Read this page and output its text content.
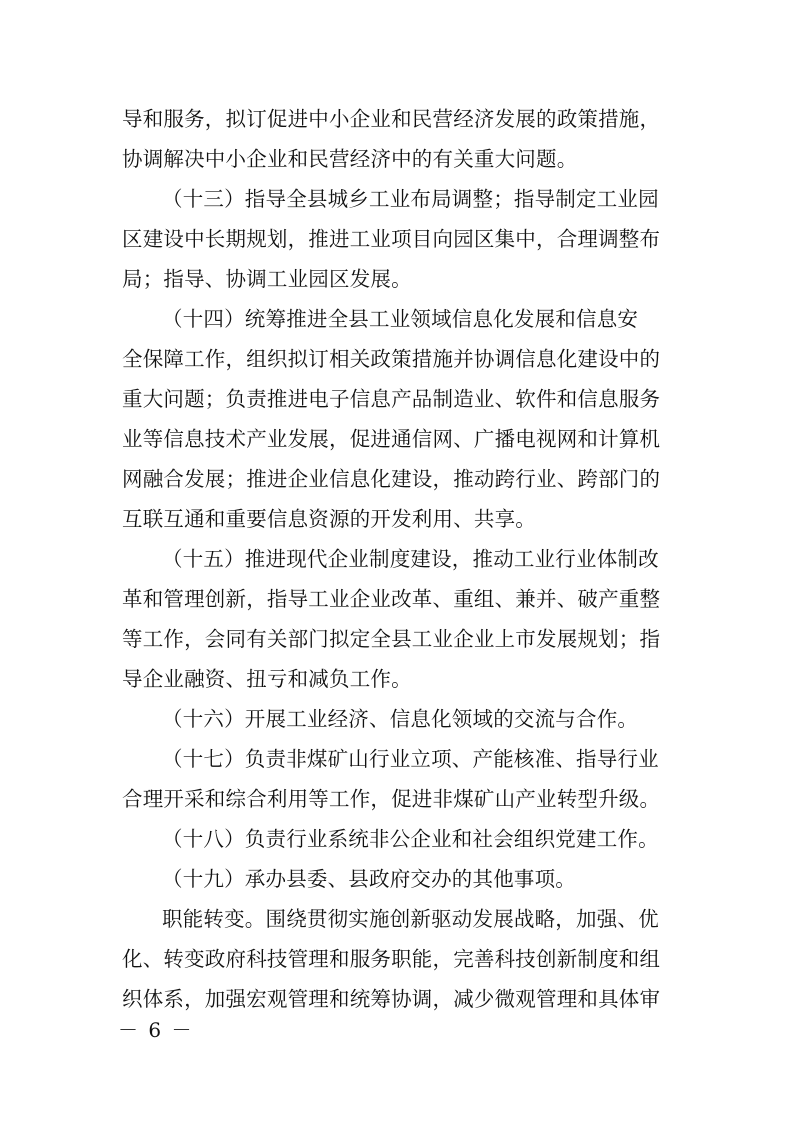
导和服务，拟订促进中小企业和民营经济发展的政策措施，
协调解决中小企业和民营经济中的有关重大问题。
（十三）指导全县城乡工业布局调整；指导制定工业园
区建设中长期规划，推进工业项目向园区集中，合理调整布
局；指导、协调工业园区发展。
（十四）统筹推进全县工业领域信息化发展和信息安
全保障工作，组织拟订相关政策措施并协调信息化建设中的
重大问题；负责推进电子信息产品制造业、软件和信息服务
业等信息技术产业发展，促进通信网、广播电视网和计算机
网融合发展；推进企业信息化建设，推动跨行业、跨部门的
互联互通和重要信息资源的开发利用、共享。
（十五）推进现代企业制度建设，推动工业行业体制改
革和管理创新，指导工业企业改革、重组、兼并、破产重整
等工作，会同有关部门拟定全县工业企业上市发展规划；指
导企业融资、扭亏和减负工作。
（十六）开展工业经济、信息化领域的交流与合作。
（十七）负责非煤矿山行业立项、产能核准、指导行业
合理开采和综合利用等工作，促进非煤矿山产业转型升级。
（十八）负责行业系统非公企业和社会组织党建工作。
（十九）承办县委、县政府交办的其他事项。
职能转变。围绕贯彻实施创新驱动发展战略，加强、优
化、转变政府科技管理和服务职能，完善科技创新制度和组
织体系，加强宏观管理和统筹协调，减少微观管理和具体审
－ 6 －
